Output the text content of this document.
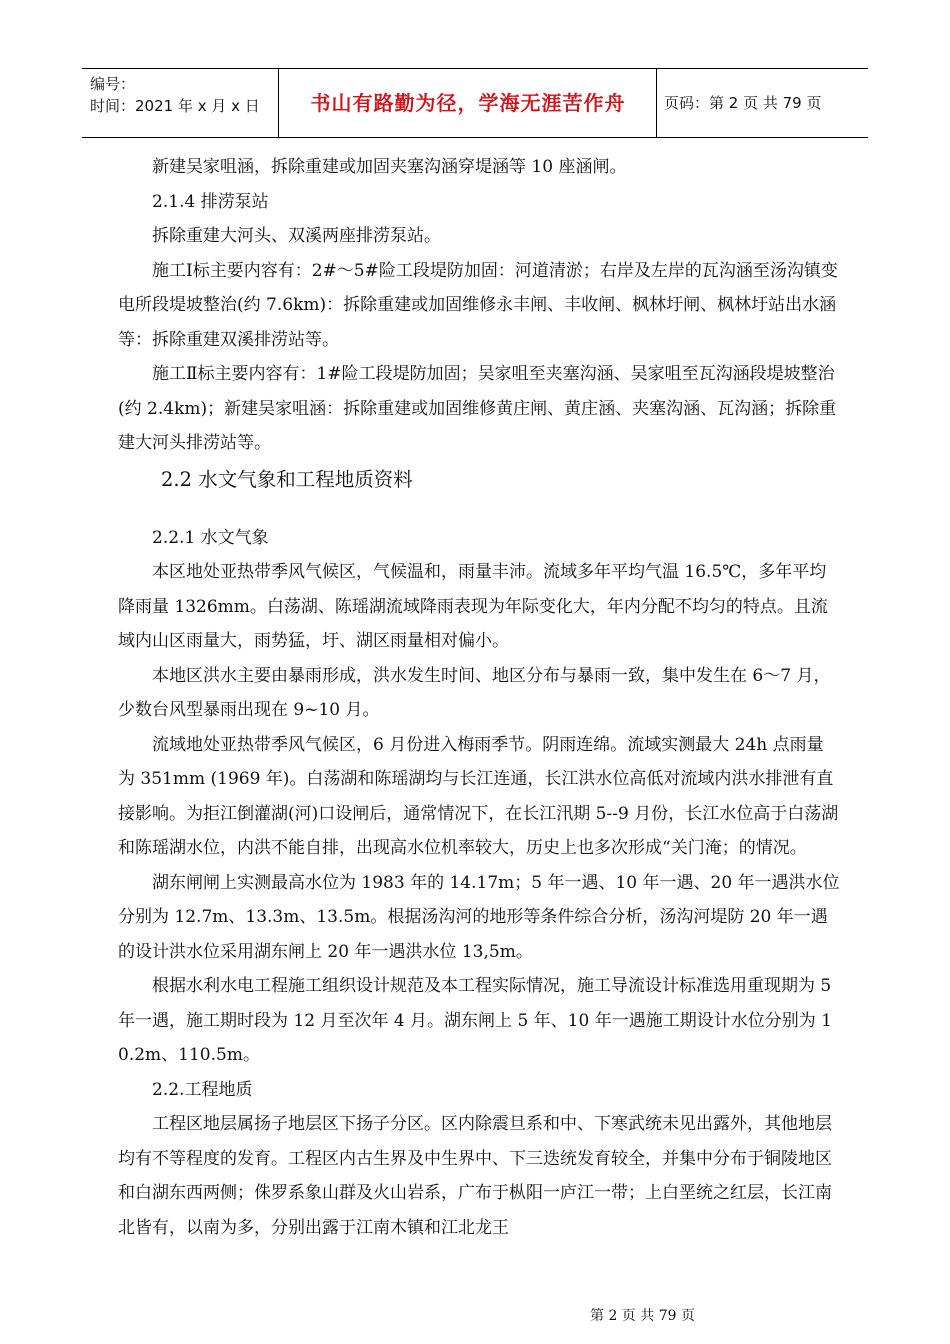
编号：
时间：2021 年 x 月 x 日	书山有路勤为径，学海无涯苦作舟	页码：第 2 页 共 79 页

新建吴家咀涵，拆除重建或加固夹塞沟涵穿堤涵等 10 座涵闸。

2.1.4 排涝泵站

拆除重建大河头、双溪两座排涝泵站。

施工Ⅰ标主要内容有：2#～5#险工段堤防加固：河道清淤；右岸及左岸的瓦沟涵至汤沟镇变电所段堤坡整治(约 7.6km)：拆除重建或加固维修永丰闸、丰收闸、枫林圩闸、枫林圩站出水涵等：拆除重建双溪排涝站等。

施工Ⅱ标主要内容有：1#险工段堤防加固；吴家咀至夹塞沟涵、吴家咀至瓦沟涵段堤坡整治(约 2.4km)；新建吴家咀涵：拆除重建或加固维修黄庄闸、黄庄涵、夹塞沟涵、瓦沟涵；拆除重建大河头排涝站等。

2.2 水文气象和工程地质资料

2.2.1 水文气象

本区地处亚热带季风气候区，气候温和，雨量丰沛。流域多年平均气温 16.5℃，多年平均降雨量 1326mm。白荡湖、陈瑶湖流域降雨表现为年际变化大，年内分配不均匀的特点。且流域内山区雨量大，雨势猛，圩、湖区雨量相对偏小。

本地区洪水主要由暴雨形成，洪水发生时间、地区分布与暴雨一致，集中发生在 6～7 月，少数台风型暴雨出现在 9~10 月。

流域地处亚热带季风气候区，6 月份进入梅雨季节。阴雨连绵。流域实测最大 24h 点雨量为 351mm (1969 年)。白荡湖和陈瑶湖均与长江连通，长江洪水位高低对流域内洪水排泄有直接影响。为拒江倒灌湖(河)口设闸后，通常情况下，在长江汛期 5--9 月份，长江水位高于白荡湖和陈瑶湖水位，内洪不能自排，出现高水位机率较大，历史上也多次形成“关门淹；的情况。

湖东闸闸上实测最高水位为 1983 年的 14.17m；5 年一遇、10 年一遇、20 年一遇洪水位分别为 12.7m、13.3m、13.5m。根据汤沟河的地形等条件综合分析，汤沟河堤防 20 年一遇的设计洪水位采用湖东闸上 20 年一遇洪水位 13,5m。

根据水利水电工程施工组织设计规范及本工程实际情况，施工导流设计标准选用重现期为 5 年一遇，施工期时段为 12 月至次年 4 月。湖东闸上 5 年、10 年一遇施工期设计水位分别为 10.2m、110.5m。

2.2.工程地质

工程区地层属扬子地层区下扬子分区。区内除震旦系和中、下寒武统未见出露外，其他地层均有不等程度的发育。工程区内古生界及中生界中、下三迭统发育较全，并集中分布于铜陵地区和白湖东西两侧；侏罗系象山群及火山岩系，广布于枞阳一庐江一带；上白垩统之红层，长江南北皆有，以南为多，分别出露于江南木镇和江北龙王

第 2 页 共 79 页
